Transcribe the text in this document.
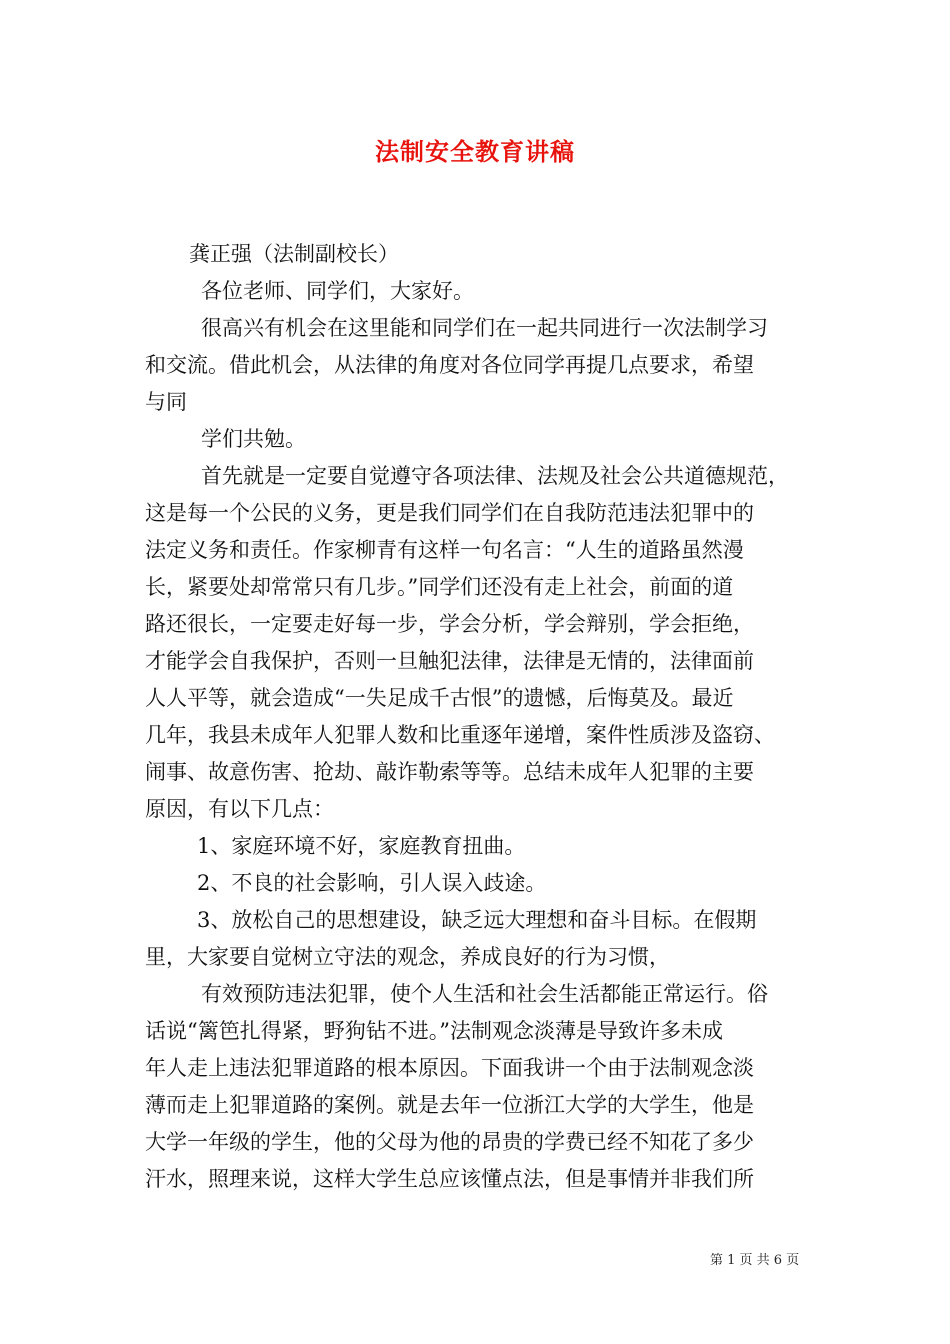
法制安全教育讲稿
龚正强（法制副校长）
各位老师、同学们，大家好。
很高兴有机会在这里能和同学们在一起共同进行一次法制学习
和交流。借此机会，从法律的角度对各位同学再提几点要求，希望
与同
学们共勉。
首先就是一定要自觉遵守各项法律、法规及社会公共道德规范，
这是每一个公民的义务，更是我们同学们在自我防范违法犯罪中的
法定义务和责任。作家柳青有这样一句名言：“人生的道路虽然漫
长，紧要处却常常只有几步。”同学们还没有走上社会，前面的道
路还很长，一定要走好每一步，学会分析，学会辩别，学会拒绝，
才能学会自我保护，否则一旦触犯法律，法律是无情的，法律面前
人人平等，就会造成“一失足成千古恨”的遗憾，后悔莫及。最近
几年，我县未成年人犯罪人数和比重逐年递增，案件性质涉及盗窃、
闹事、故意伤害、抢劫、敲诈勒索等等。总结未成年人犯罪的主要
原因，有以下几点：
1、家庭环境不好，家庭教育扭曲。
2、不良的社会影响，引人误入歧途。
3、放松自己的思想建设，缺乏远大理想和奋斗目标。在假期
里，大家要自觉树立守法的观念，养成良好的行为习惯，
有效预防违法犯罪，使个人生活和社会生活都能正常运行。俗
话说“篱笆扎得紧，野狗钻不进。”法制观念淡薄是导致许多未成
年人走上违法犯罪道路的根本原因。下面我讲一个由于法制观念淡
薄而走上犯罪道路的案例。就是去年一位浙江大学的大学生，他是
大学一年级的学生，他的父母为他的昂贵的学费已经不知花了多少
汗水，照理来说，这样大学生总应该懂点法，但是事情并非我们所
第 1 页 共 6 页
